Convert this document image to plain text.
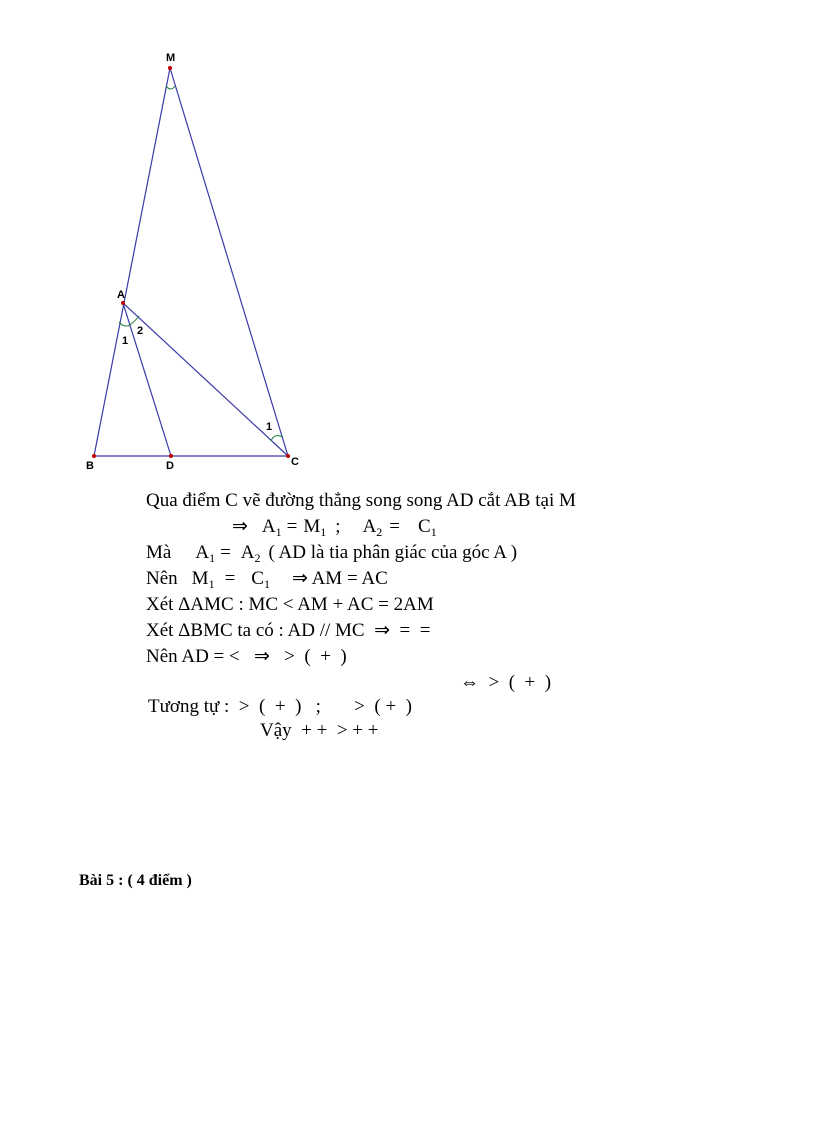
M
A
B	D	C
1
2
1
Qua điểm C vẽ đường thẳng song song AD cắt AB tại M
⇒ $A_1 = M_1$ ; $A_2 = C_1$
Mà $A_1 = A_2$ ( AD là tia phân giác của góc A )
Nên $M_1 = C_1$ ⇒ AM = AC
Xét ΔAMC : MC < AM + AC = 2AM
Xét ΔBMC ta có : AD // MC  ⇒  =  =
Nên AD = <   ⇒   >  (  +  )
⇔  >  (  +  )
Tương tự :  >  (  +  )   ;       >  ( +  )
Vậy  + +  > + +
Bài 5 : ( 4 điểm )
